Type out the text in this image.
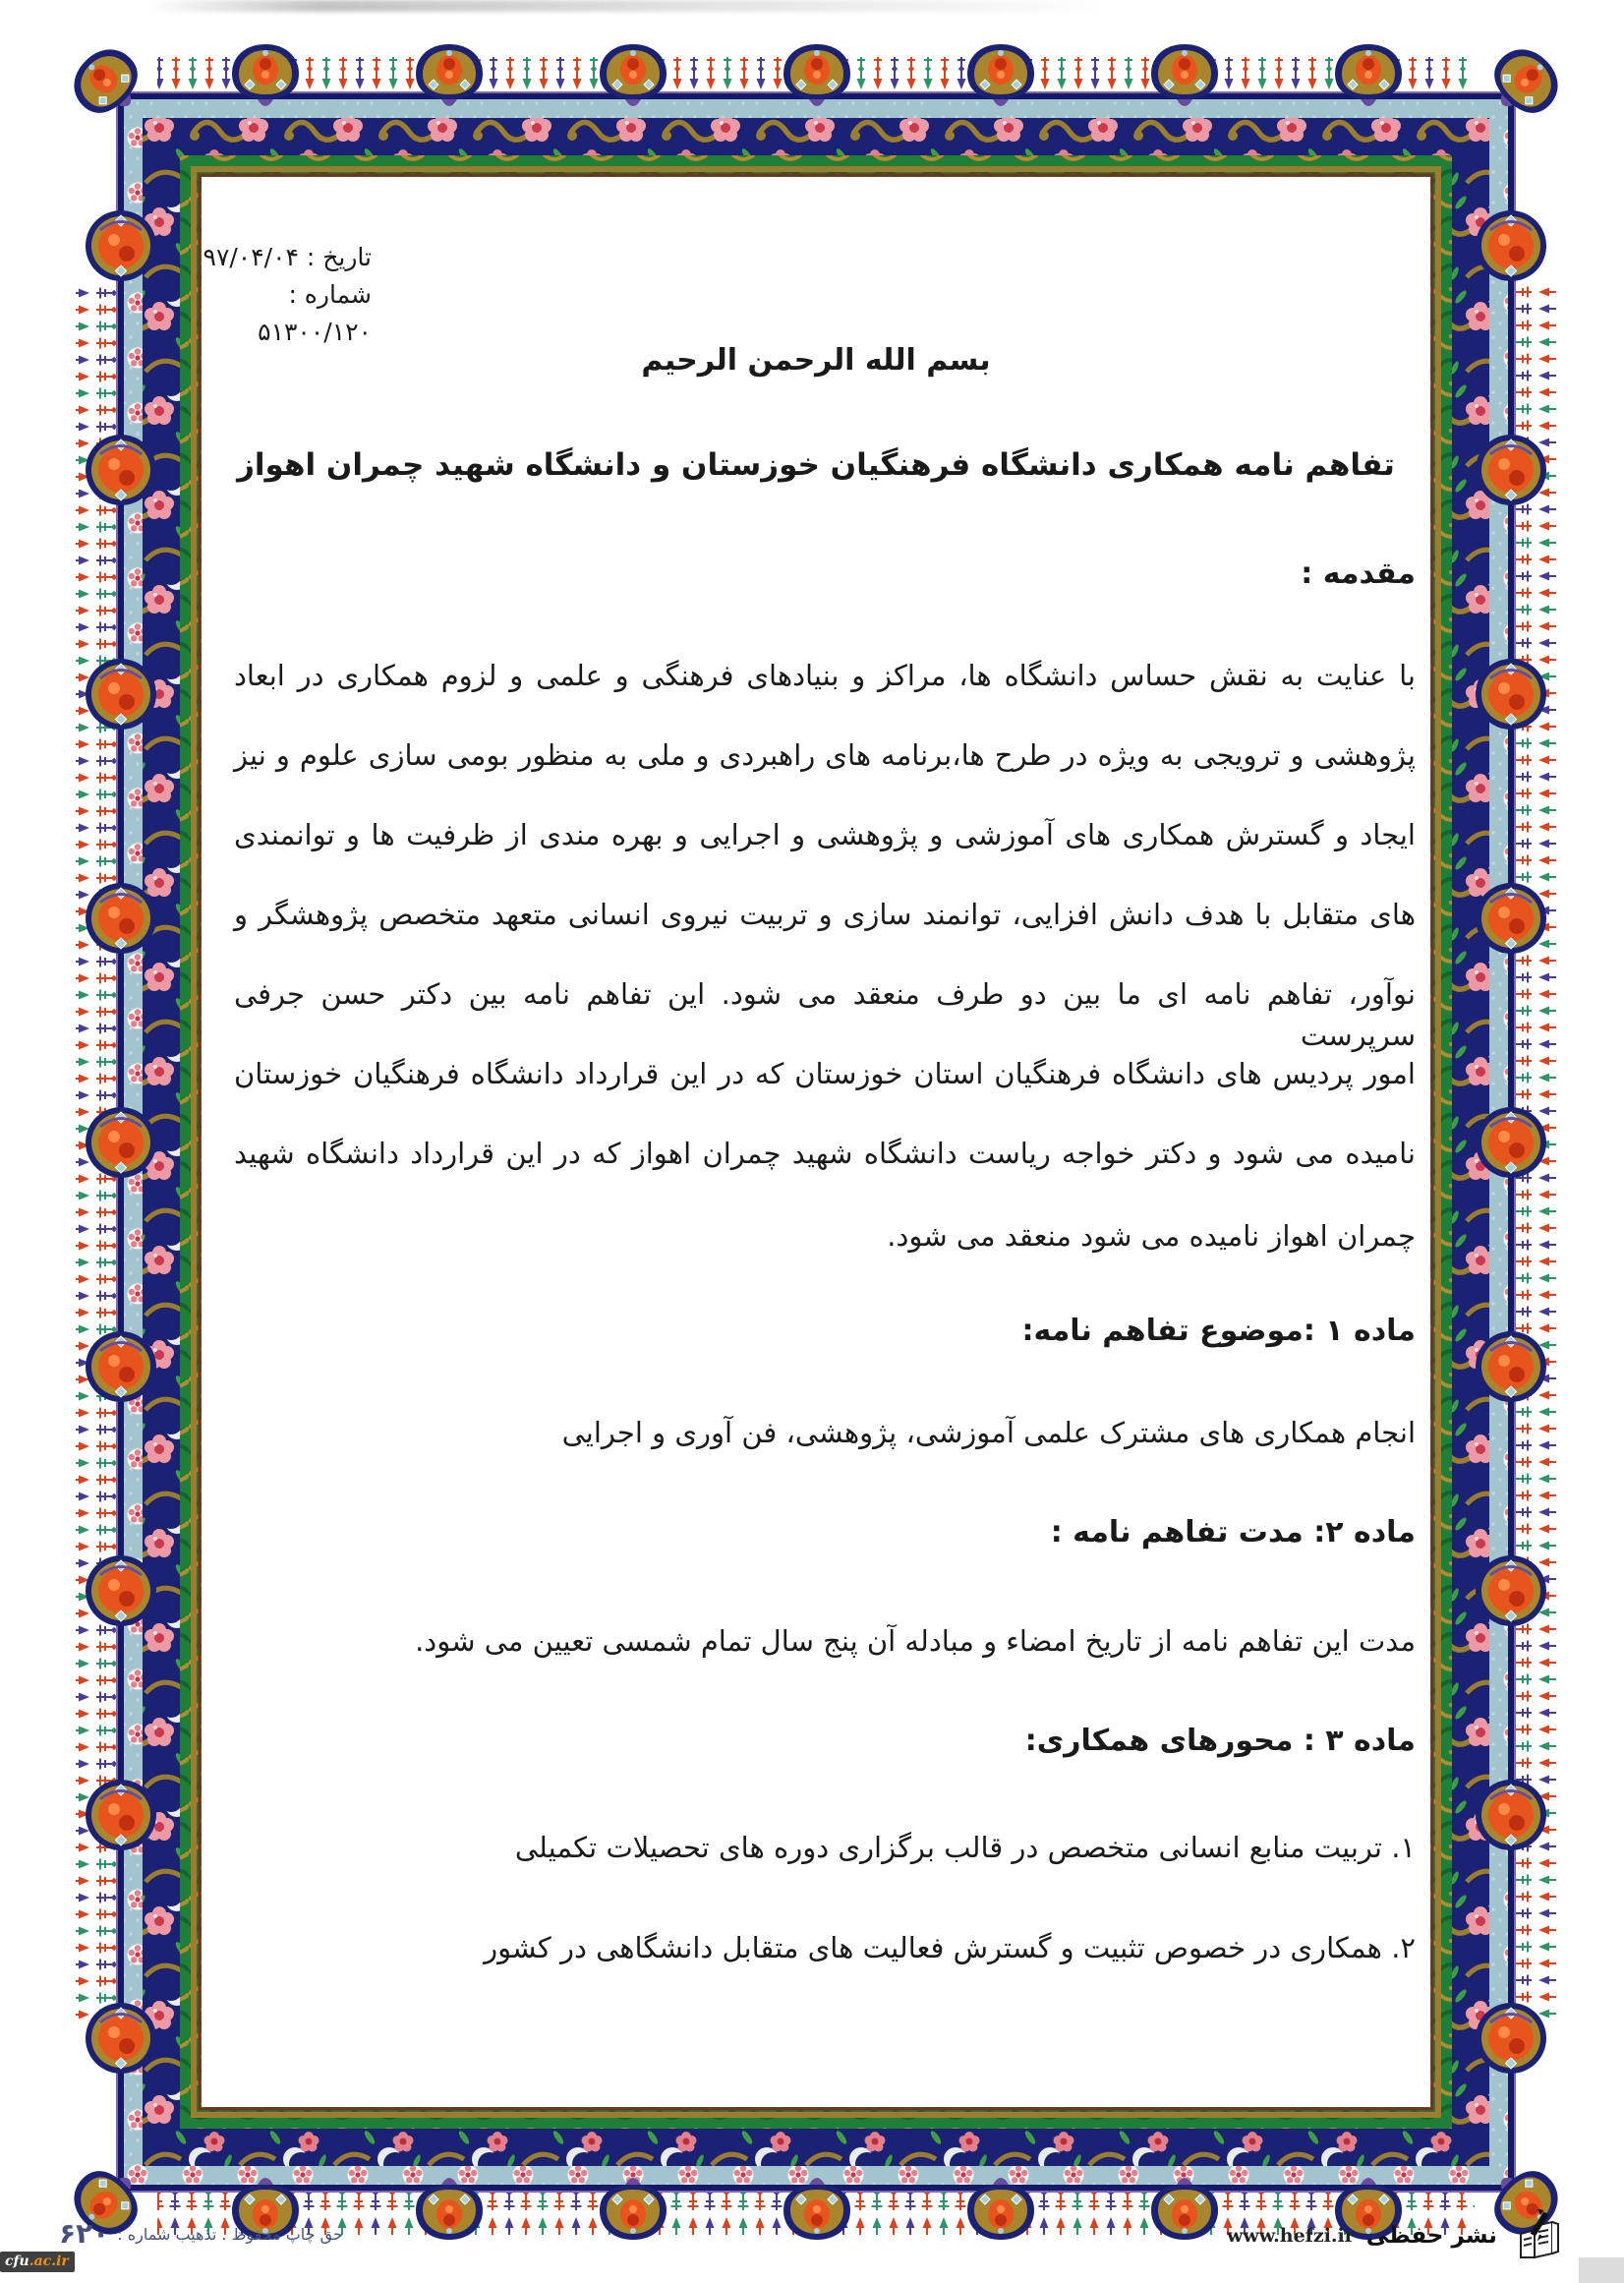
تاریخ : ۹۷/۰۴/۰۴
شماره : ۵۱۳۰۰/۱۲۰
بسم الله الرحمن الرحیم
تفاهم نامه همکاری دانشگاه فرهنگیان خوزستان و دانشگاه شهید چمران اهواز
مقدمه :
با عنایت به نقش حساس دانشگاه ها، مراکز و بنیادهای فرهنگی و علمی و لزوم همکاری در ابعاد
پژوهشی و ترویجی به ویژه در طرح ها،برنامه های راهبردی و ملی به منظور بومی سازی علوم و نیز
ایجاد و گسترش همکاری های آموزشی و پژوهشی و اجرایی و بهره مندی از ظرفیت ها و توانمندی
های متقابل با هدف دانش افزایی، توانمند سازی و تربیت نیروی انسانی متعهد متخصص پژوهشگر و
نوآور، تفاهم نامه ای ما بین دو طرف منعقد می شود. این تفاهم نامه بین دکتر حسن جرفی سرپرست
امور پردیس های دانشگاه فرهنگیان استان خوزستان که در این قرارداد دانشگاه فرهنگیان خوزستان
نامیده می شود و دکتر خواجه ریاست دانشگاه شهید چمران اهواز که در این قرارداد دانشگاه شهید
چمران اهواز نامیده می شود منعقد می شود.
ماده ۱ :موضوع تفاهم نامه:
انجام همکاری های مشترک علمی آموزشی، پژوهشی، فن آوری و اجرایی
ماده ۲: مدت تفاهم نامه :
مدت این تفاهم نامه از تاریخ امضاء و مبادله آن پنج سال تمام شمسی تعیین می شود.
ماده ۳ : محورهای همکاری:
۱. تربیت منابع انسانی متخصص در قالب برگزاری دوره های تحصیلات تکمیلی
۲. همکاری در خصوص تثبیت و گسترش فعالیت های متقابل دانشگاهی در کشور
حق چاپ محفوظ . تذهیب شماره :
۶۲۰	www.hefzi.ir نشر حفظی
cfu.ac.ir
